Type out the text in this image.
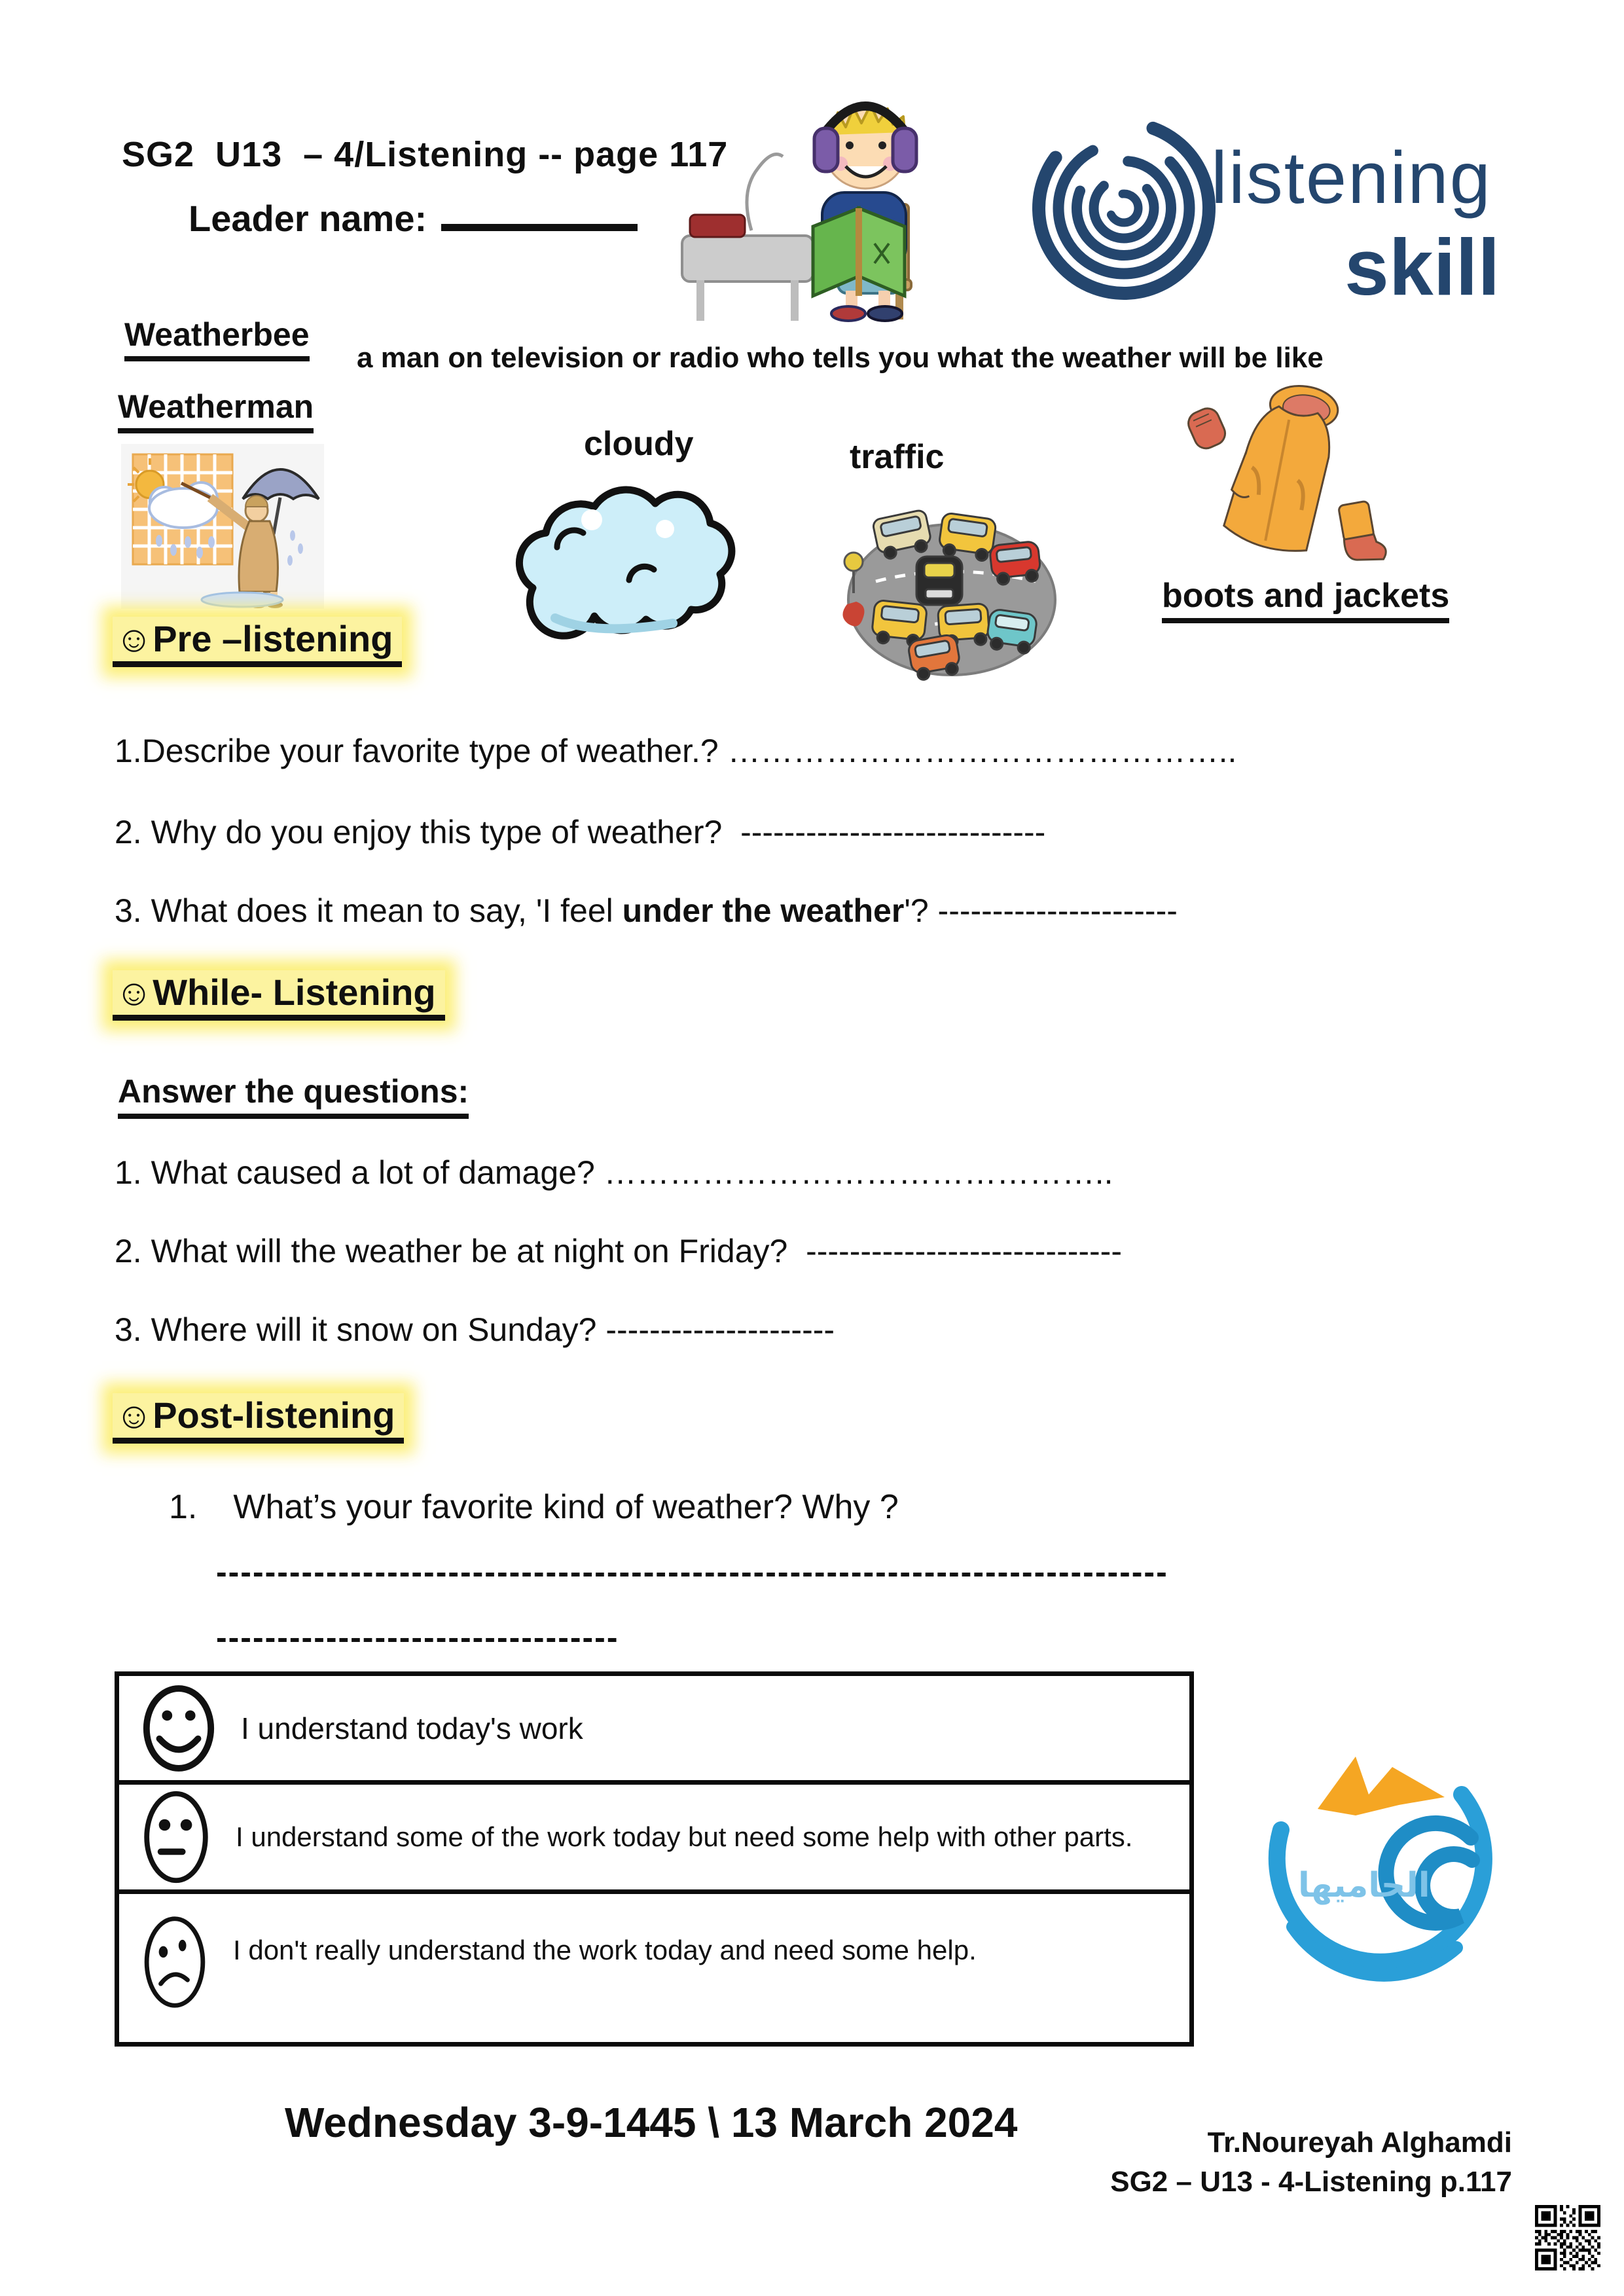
SG2  U13  – 4/Listening -- page 117
Leader name:	listening
skill
Weatherbee
a man on television or radio who tells you what the weather will be like
Weatherman
cloudy	traffic
boots and jackets
☺Pre –listening
1.Describe your favorite type of weather.? ………………………………………..
2. Why do you enjoy this type of weather?  ----------------------------
3. What does it mean to say, 'I feel under the weather'? ----------------------
☺While- Listening
Answer the questions:
1. What caused a lot of damage? ………………………………………..
2. What will the weather be at night on Friday?  -----------------------------
3. Where will it snow on Sunday? ---------------------
☺Post-listening
1. What’s your favorite kind of weather? Why ?
------------------------------------------------------------------------------
---------------------------------
I understand today's work
I understand some of the work today but need some help with other parts.
I don't really understand the work today and need some help.
الحاميها
Wednesday 3-9-1445 \ 13 March 2024	Tr.Noureyah Alghamdi
SG2 – U13 - 4-Listening p.117
